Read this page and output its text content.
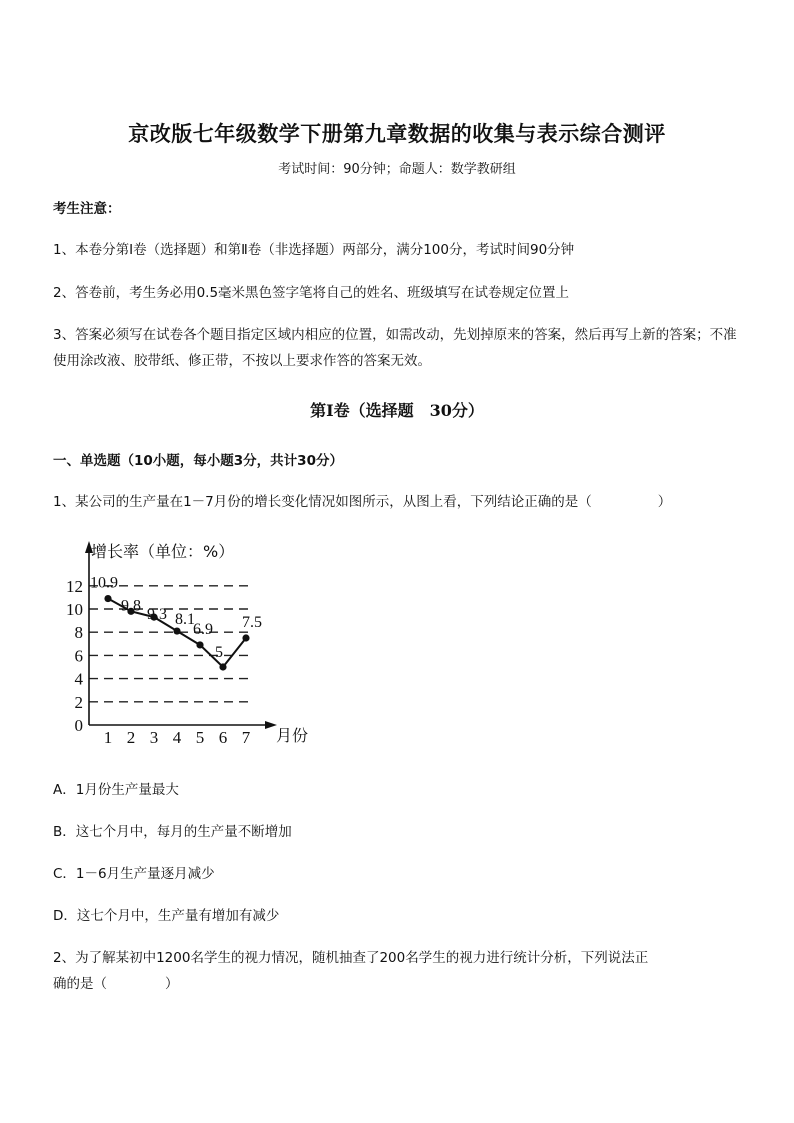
京改版七年级数学下册第九章数据的收集与表示综合测评
考试时间：90分钟；命题人：数学教研组
考生注意：
1、本卷分第Ⅰ卷（选择题）和第Ⅱ卷（非选择题）两部分，满分100分，考试时间90分钟
2、答卷前，考生务必用0.5毫米黑色签字笔将自己的姓名、班级填写在试卷规定位置上
3、答案必须写在试卷各个题目指定区域内相应的位置，如需改动，先划掉原来的答案，然后再写上新的答案；不准使用涂改液、胶带纸、修正带，不按以上要求作答的答案无效。
第Ⅰ卷（选择题　30分）
一、单选题（10小题，每小题3分，共计30分）
1、某公司的生产量在1－7月份的增长变化情况如图所示，从图上看，下列结论正确的是（	）
增长率（单位：%）
月份
0
2
4
6
8
10
12
1 2 3 4 5 6 7
10.9
9.8
9.3 8.1
6.9
5
7.5
A．1月份生产量最大
B．这七个月中，每月的生产量不断增加
C．1－6月生产量逐月减少
D．这七个月中，生产量有增加有减少
2、为了解某初中1200名学生的视力情况，随机抽查了200名学生的视力进行统计分析，下列说法正
确的是（	）
